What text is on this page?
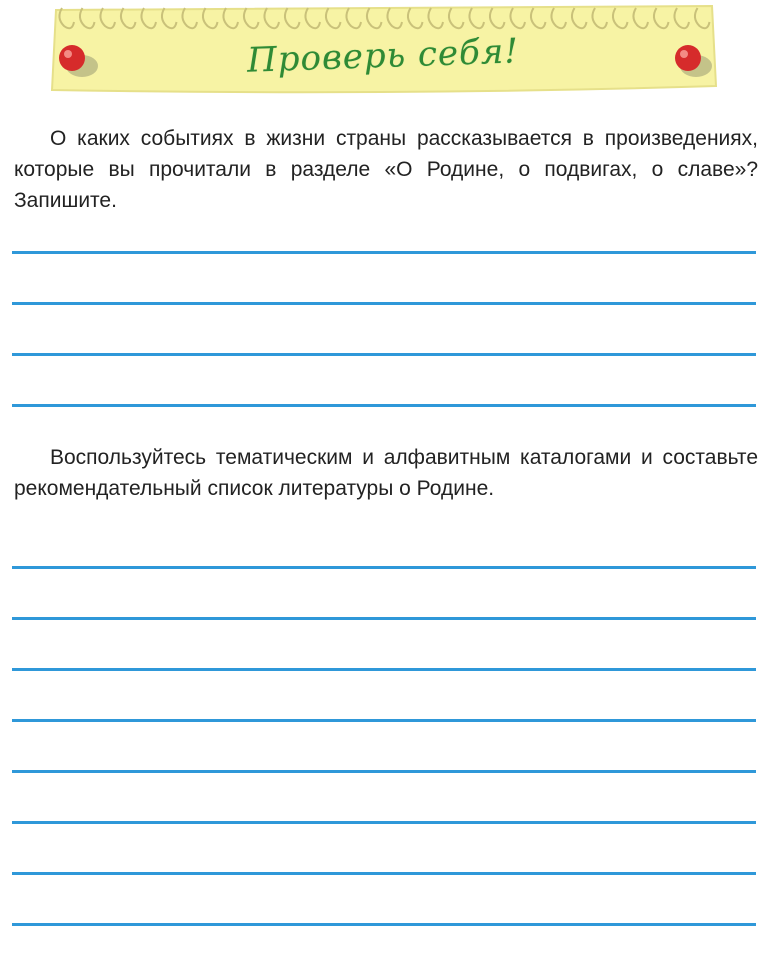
Проверь себя!
О каких событиях в жизни страны рассказывается в произведениях, которые вы прочитали в разделе «О Родине, о подвигах, о славе»? Запишите.
Воспользуйтесь тематическим и алфавитным каталогами и составьте рекомендательный список литературы о Родине.
